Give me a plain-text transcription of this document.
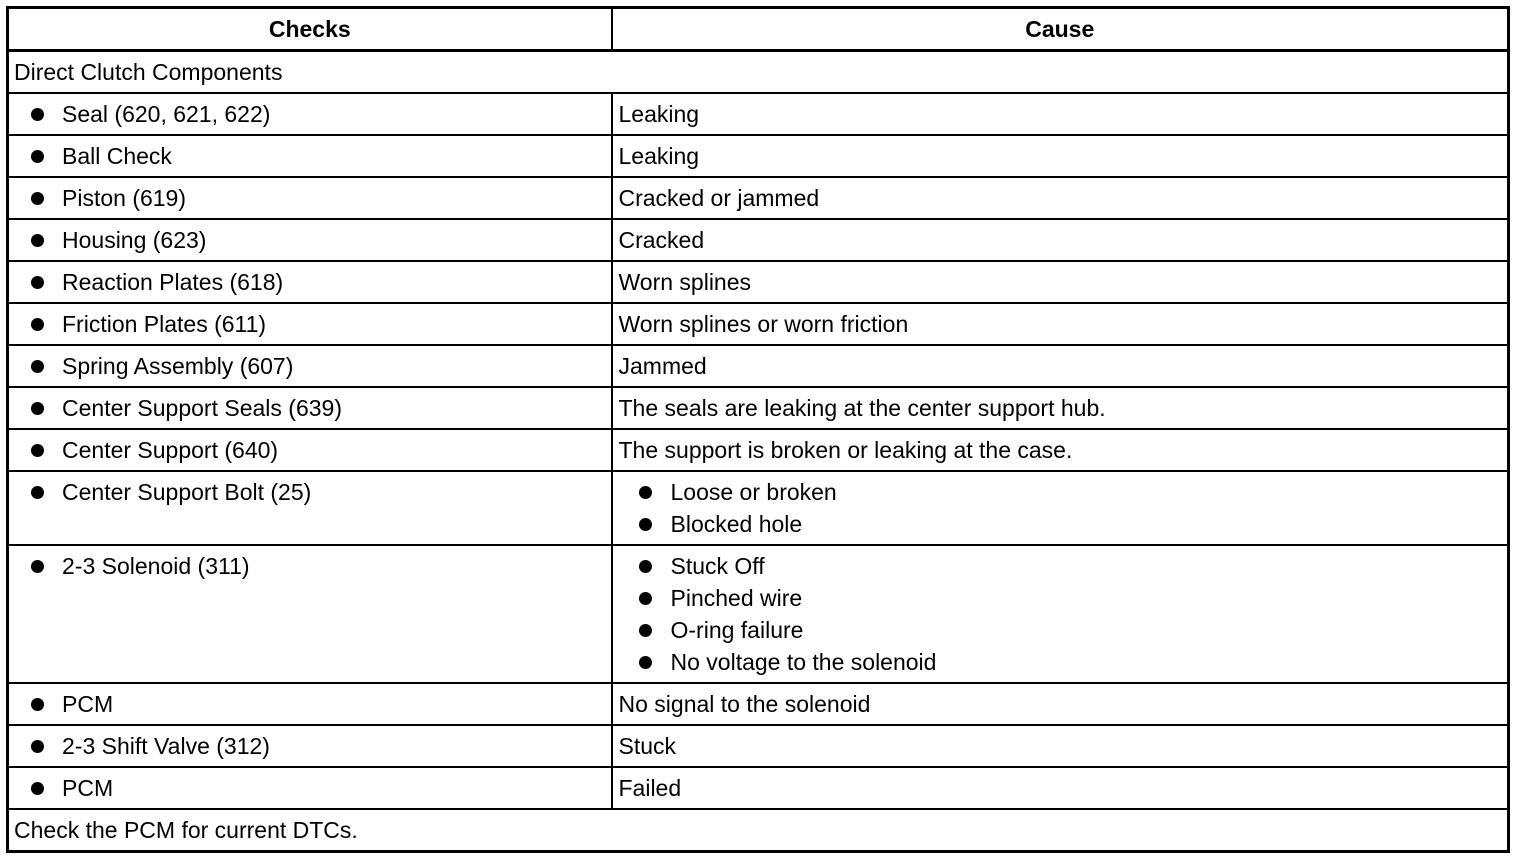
Checks	Cause
Direct Clutch Components	

Seal (620, 621, 622)	Leaking

Ball Check	Leaking

Piston (619)	Cracked or jammed

Housing (623)	Cracked

Reaction Plates (618)	Worn splines

Friction Plates (611)	Worn splines or worn friction

Spring Assembly (607)	Jammed

Center Support Seals (639)	The seals are leaking at the center support hub.

Center Support (640)	The support is broken or leaking at the case.

Center Support Bolt (25)	Loose or broken
Blocked hole

2-3 Solenoid (311)	Stuck Off
Pinched wire
O-ring failure
No voltage to the solenoid

PCM	No signal to the solenoid

2-3 Shift Valve (312)	Stuck

PCM	Failed
Check the PCM for current DTCs.	
